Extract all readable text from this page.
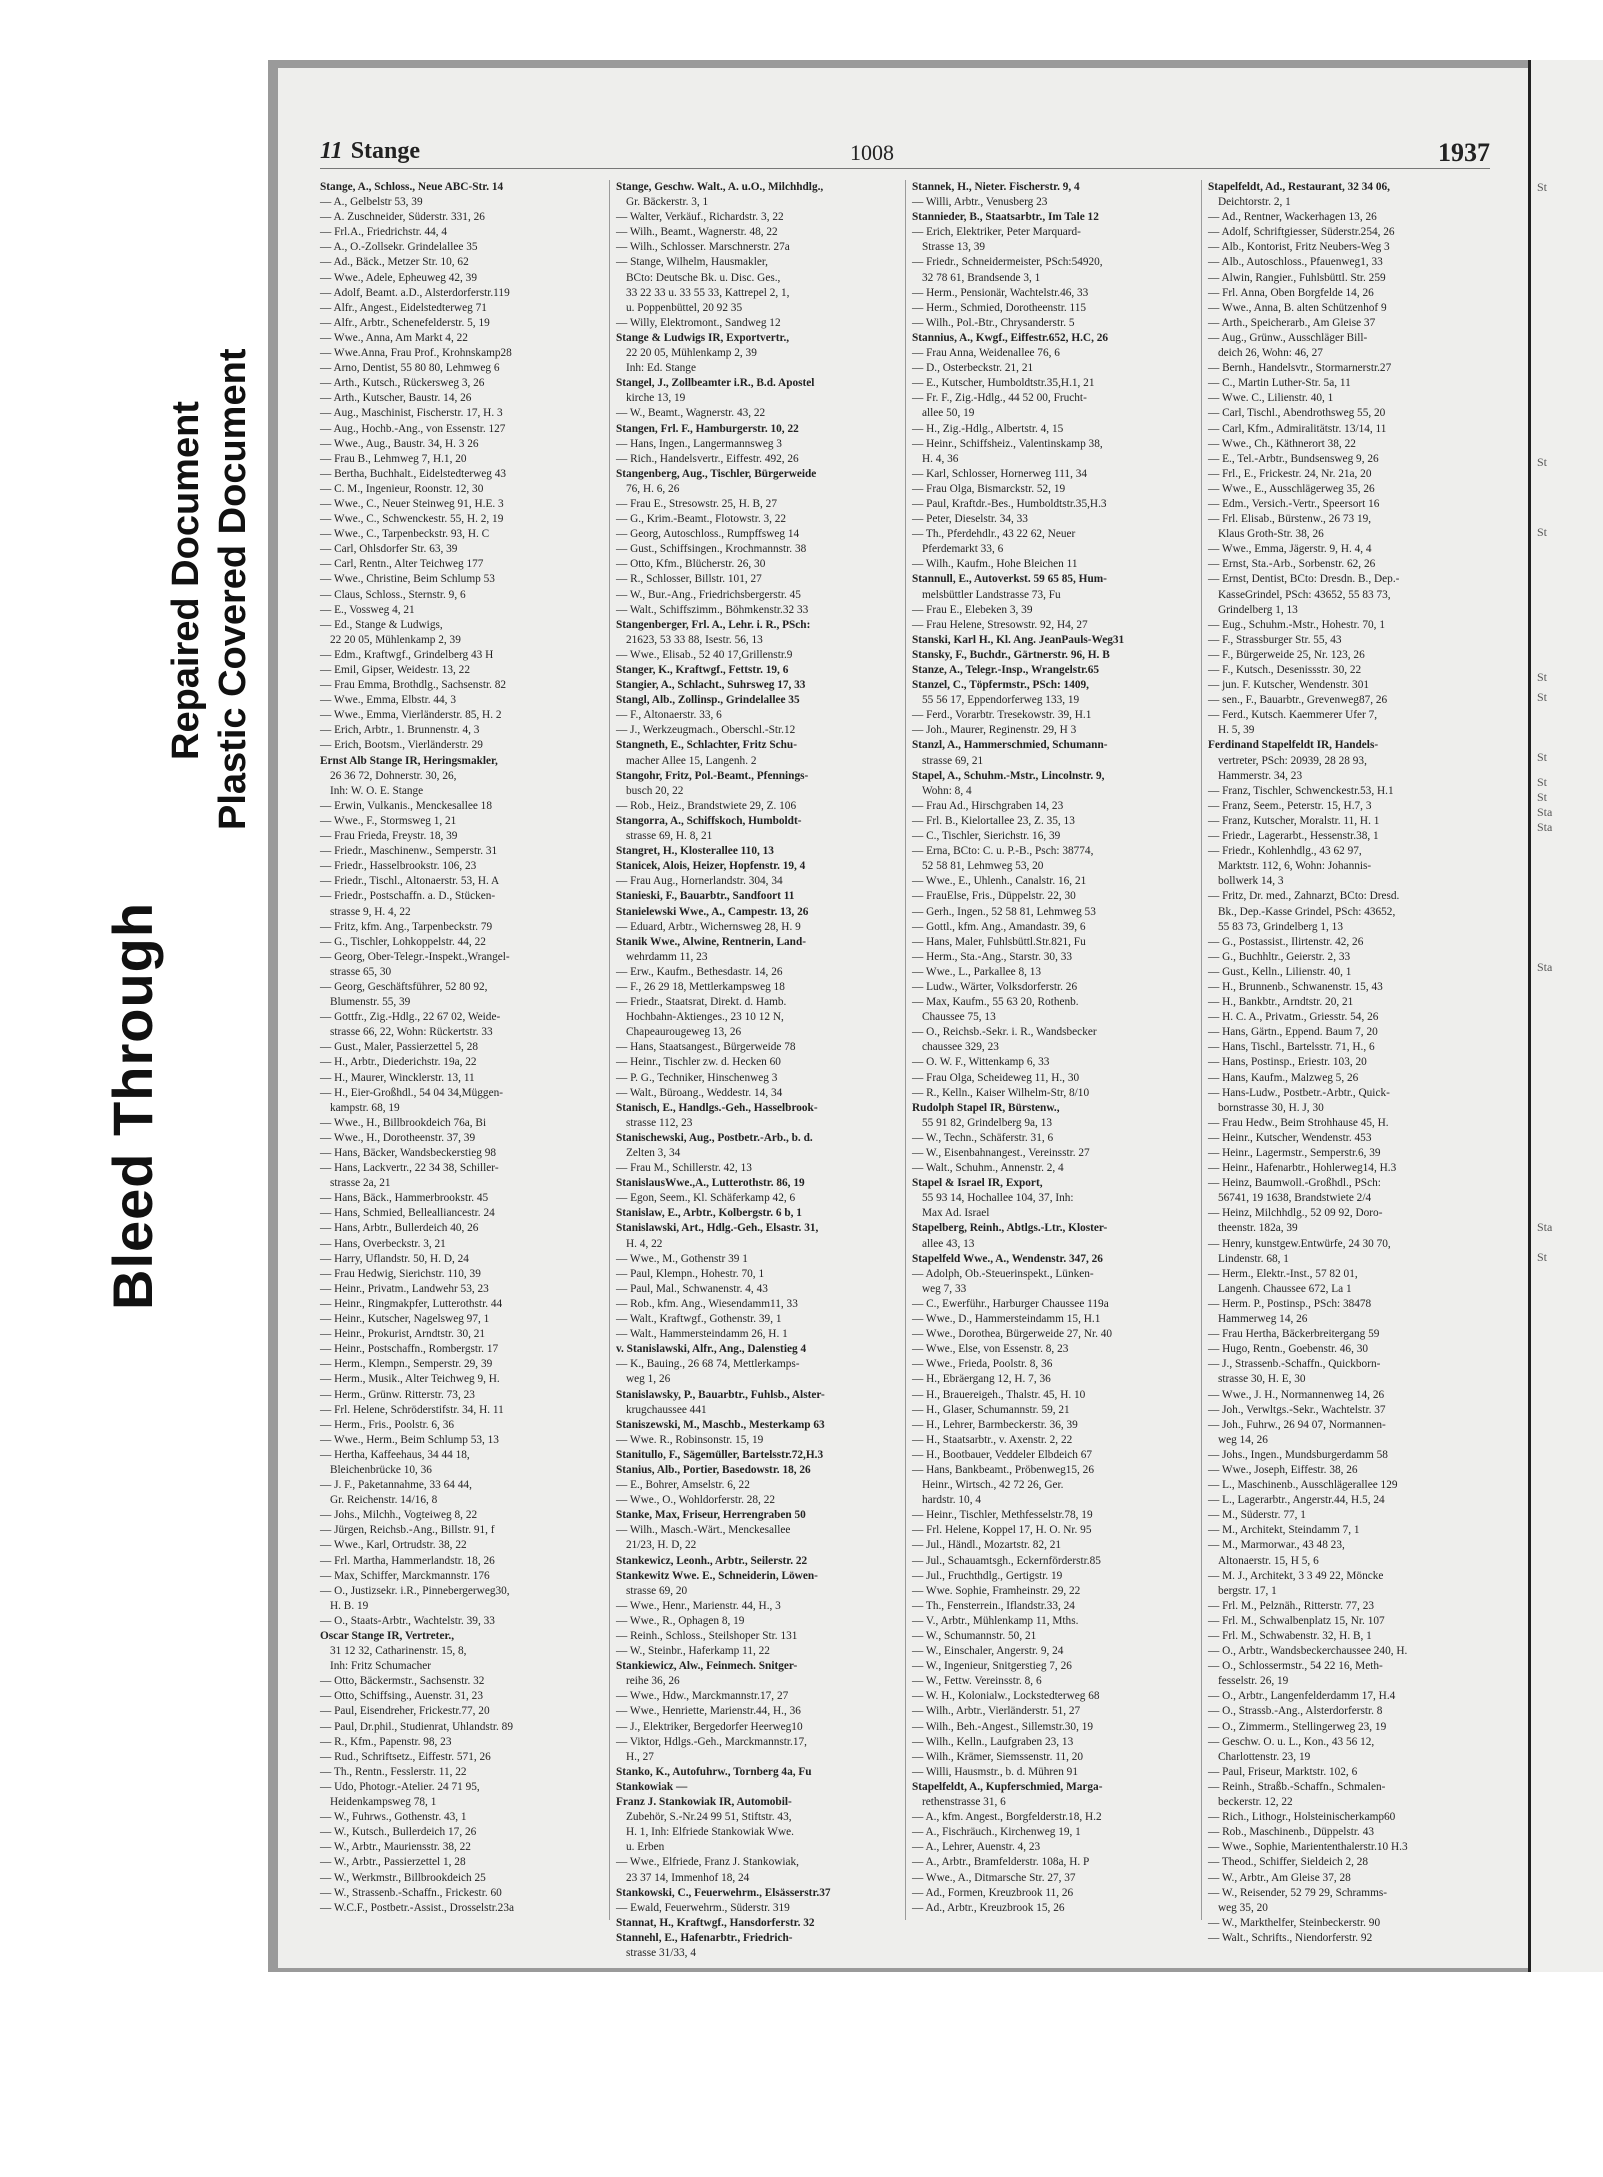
Bleed Through
Repaired Document Plastic Covered Document
11 Stange	1008	1937
Stange, A., Schloss., Neue ABC-Str. 14
— A., Gelbelstr 53, 39
— A. Zuschneider, Süderstr. 331, 26
— Frl.A., Friedrichstr. 44, 4
— A., O.-Zollsekr. Grindelallee 35
— Ad., Bäck., Metzer Str. 10, 62
— Wwe., Adele, Epheuweg 42, 39
— Adolf, Beamt. a.D., Alsterdorferstr.119
— Alfr., Angest., Eidelstedterweg 71
— Alfr., Arbtr., Schenefelderstr. 5, 19
— Wwe., Anna, Am Markt 4, 22
— Wwe.Anna, Frau Prof., Krohnskamp28
— Arno, Dentist, 55 80 80, Lehmweg 6
— Arth., Kutsch., Rückersweg 3, 26
— Arth., Kutscher, Baustr. 14, 26
— Aug., Maschinist, Fischerstr. 17, H. 3
— Aug., Hochb.-Ang., von Essenstr. 127
— Wwe., Aug., Baustr. 34, H. 3 26
— Frau B., Lehmweg 7, H.1, 20
— Bertha, Buchhalt., Eidelstedterweg 43
— C. M., Ingenieur, Roonstr. 12, 30
— Wwe., C., Neuer Steinweg 91, H.E. 3
— Wwe., C., Schwenckestr. 55, H. 2, 19
— Wwe., C., Tarpenbeckstr. 93, H. C
— Carl, Ohlsdorfer Str. 63, 39
— Carl, Rentn., Alter Teichweg 177
— Wwe., Christine, Beim Schlump 53
— Claus, Schloss., Sternstr. 9, 6
— E., Vossweg 4, 21
— Ed., Stange & Ludwigs,
22 20 05, Mühlenkamp 2, 39
— Edm., Kraftwgf., Grindelberg 43 H
— Emil, Gipser, Weidestr. 13, 22
— Frau Emma, Brothdlg., Sachsenstr. 82
— Wwe., Emma, Elbstr. 44, 3
— Wwe., Emma, Vierländerstr. 85, H. 2
— Erich, Arbtr., 1. Brunnenstr. 4, 3
— Erich, Bootsm., Vierländerstr. 29
Ernst Alb Stange IR, Heringsmakler,
26 36 72, Dohnerstr. 30, 26,
Inh: W. O. E. Stange
— Erwin, Vulkanis., Menckesallee 18
— Wwe., F., Stormsweg 1, 21
— Frau Frieda, Freystr. 18, 39
— Friedr., Maschinenw., Semperstr. 31
— Friedr., Hasselbrookstr. 106, 23
— Friedr., Tischl., Altonaerstr. 53, H. A
— Friedr., Postschaffn. a. D., Stücken-
strasse 9, H. 4, 22
— Fritz, kfm. Ang., Tarpenbeckstr. 79
— G., Tischler, Lohkoppelstr. 44, 22
— Georg, Ober-Telegr.-Inspekt.,Wrangel-
strasse 65, 30
— Georg, Geschäftsführer, 52 80 92,
Blumenstr. 55, 39
— Gottfr., Zig.-Hdlg., 22 67 02, Weide-
strasse 66, 22, Wohn: Rückertstr. 33
— Gust., Maler, Passierzettel 5, 28
— H., Arbtr., Diederichstr. 19a, 22
— H., Maurer, Wincklerstr. 13, 11
— H., Eier-Großhdl., 54 04 34,Müggen-
kampstr. 68, 19
— Wwe., H., Billbrookdeich 76a, Bi
— Wwe., H., Dorotheenstr. 37, 39
— Hans, Bäcker, Wandsbeckerstieg 98
— Hans, Lackvertr., 22 34 38, Schiller-
strasse 2a, 21
— Hans, Bäck., Hammerbrookstr. 45
— Hans, Schmied, Bellealliancestr. 24
— Hans, Arbtr., Bullerdeich 40, 26
— Hans, Overbeckstr. 3, 21
— Harry, Uflandstr. 50, H. D, 24
— Frau Hedwig, Sierichstr. 110, 39
— Heinr., Privatm., Landwehr 53, 23
— Heinr., Ringmakpfer, Lutterothstr. 44
— Heinr., Kutscher, Nagelsweg 97, 1
— Heinr., Prokurist, Arndtstr. 30, 21
— Heinr., Postschaffn., Rombergstr. 17
— Herm., Klempn., Semperstr. 29, 39
— Herm., Musik., Alter Teichweg 9, H.
— Herm., Grünw. Ritterstr. 73, 23
— Frl. Helene, Schröderstifstr. 34, H. 11
— Herm., Fris., Poolstr. 6, 36
— Wwe., Herm., Beim Schlump 53, 13
— Hertha, Kaffeehaus, 34 44 18,
Bleichenbrücke 10, 36
— J. F., Paketannahme, 33 64 44,
Gr. Reichenstr. 14/16, 8
— Johs., Milchh., Vogteiweg 8, 22
— Jürgen, Reichsb.-Ang., Billstr. 91, f
— Wwe., Karl, Ortrudstr. 38, 22
— Frl. Martha, Hammerlandstr. 18, 26
— Max, Schiffer, Marckmannstr. 176
— O., Justizsekr. i.R., Pinnebergerweg30,
H. B. 19
— O., Staats-Arbtr., Wachtelstr. 39, 33
Oscar Stange IR, Vertreter.,
31 12 32, Catharinenstr. 15, 8,
Inh: Fritz Schumacher
— Otto, Bäckermstr., Sachsenstr. 32
— Otto, Schiffsing., Auenstr. 31, 23
— Paul, Eisendreher, Frickestr.77, 20
— Paul, Dr.phil., Studienrat, Uhlandstr. 89
— R., Kfm., Papenstr. 98, 23
— Rud., Schriftsetz., Eiffestr. 571, 26
— Th., Rentn., Fesslerstr. 11, 22
— Udo, Photogr.-Atelier. 24 71 95,
Heidenkampsweg 78, 1
— W., Fuhrws., Gothenstr. 43, 1
— W., Kutsch., Bullerdeich 17, 26
— W., Arbtr., Mauriensstr. 38, 22
— W., Arbtr., Passierzettel 1, 28
— W., Werkmstr., Billbrookdeich 25
— W., Strassenb.-Schaffn., Frickestr. 60
— W.C.F., Postbetr.-Assist., Drosselstr.23a
Stange, Geschw. Walt., A. u.O., Milchhdlg.,
Gr. Bäckerstr. 3, 1
— Walter, Verkäuf., Richardstr. 3, 22
— Wilh., Beamt., Wagnerstr. 48, 22
— Wilh., Schlosser. Marschnerstr. 27a
— Stange, Wilhelm, Hausmakler,
BCto: Deutsche Bk. u. Disc. Ges.,
33 22 33 u. 33 55 33, Kattrepel 2, 1,
u. Poppenbüttel, 20 92 35
— Willy, Elektromont., Sandweg 12
Stange & Ludwigs IR, Exportvertr.,
22 20 05, Mühlenkamp 2, 39
Inh: Ed. Stange
Stangel, J., Zollbeamter i.R., B.d. Apostel
kirche 13, 19
— W., Beamt., Wagnerstr. 43, 22
Stangen, Frl. F., Hamburgerstr. 10, 22
— Hans, Ingen., Langermannsweg 3
— Rich., Handelsvertr., Eiffestr. 492, 26
Stangenberg, Aug., Tischler, Bürgerweide
76, H. 6, 26
— Frau E., Stresowstr. 25, H. B, 27
— G., Krim.-Beamt., Flotowstr. 3, 22
— Georg, Autoschloss., Rumpffsweg 14
— Gust., Schiffsingen., Krochmannstr. 38
— Otto, Kfm., Blücherstr. 26, 30
— R., Schlosser, Billstr. 101, 27
— W., Bur.-Ang., Friedrichsbergerstr. 45
— Walt., Schiffszimm., Böhmkenstr.32 33
Stangenberger, Frl. A., Lehr. i. R., PSch:
21623, 53 33 88, Isestr. 56, 13
— Wwe., Elisab., 52 40 17,Grillenstr.9
Stanger, K., Kraftwgf., Fettstr. 19, 6
Stangier, A., Schlacht., Suhrsweg 17, 33
Stangl, Alb., Zollinsp., Grindelallee 35
— F., Altonaerstr. 33, 6
— J., Werkzeugmach., Oberschl.-Str.12
Stangneth, E., Schlachter, Fritz Schu-
macher Allee 15, Langenh. 2
Stangohr, Fritz, Pol.-Beamt., Pfennings-
busch 20, 22
— Rob., Heiz., Brandstwiete 29, Z. 106
Stangorra, A., Schiffskoch, Humboldt-
strasse 69, H. 8, 21
Stangret, H., Klosterallee 110, 13
Stanicek, Alois, Heizer, Hopfenstr. 19, 4
— Frau Aug., Hornerlandstr. 304, 34
Stanieski, F., Bauarbtr., Sandfoort 11
Stanielewski Wwe., A., Campestr. 13, 26
— Eduard, Arbtr., Wichernsweg 28, H. 9
Stanik Wwe., Alwine, Rentnerin, Land-
wehrdamm 11, 23
— Erw., Kaufm., Bethesdastr. 14, 26
— F., 26 29 18, Mettlerkampsweg 18
— Friedr., Staatsrat, Direkt. d. Hamb.
Hochbahn-Aktienges., 23 10 12 N,
Chapeaurougeweg 13, 26
— Hans, Staatsangest., Bürgerweide 78
— Heinr., Tischler zw. d. Hecken 60
— P. G., Techniker, Hinschenweg 3
— Walt., Büroang., Weddestr. 14, 34
Stanisch, E., Handlgs.-Geh., Hasselbrook-
strasse 112, 23
Stanischewski, Aug., Postbetr.-Arb., b. d.
Zelten 3, 34
— Frau M., Schillerstr. 42, 13
StanislausWwe.,A., Lutterothstr. 86, 19
— Egon, Seem., Kl. Schäferkamp 42, 6
Stanislaw, E., Arbtr., Kolbergstr. 6 b, 1
Stanislawski, Art., Hdlg.-Geh., Elsastr. 31,
H. 4, 22
— Wwe., M., Gothenstr 39 1
— Paul, Klempn., Hohestr. 70, 1
— Paul, Mal., Schwanenstr. 4, 43
— Rob., kfm. Ang., Wiesendamm11, 33
— Walt., Kraftwgf., Gothenstr. 39, 1
— Walt., Hammersteindamm 26, H. 1
v. Stanislawski, Alfr., Ang., Dalenstieg 4
— K., Bauing., 26 68 74, Mettlerkamps-
weg 1, 26
Stanislawsky, P., Bauarbtr., Fuhlsb., Alster-
krugchaussee 441
Staniszewski, M., Maschb., Mesterkamp 63
— Wwe. R., Robinsonstr. 15, 19
Stanitullo, F., Sägemüller, Bartelsstr.72,H.3
Stanius, Alb., Portier, Basedowstr. 18, 26
— E., Bohrer, Amselstr. 6, 22
— Wwe., O., Wohldorferstr. 28, 22
Stanke, Max, Friseur, Herrengraben 50
— Wilh., Masch.-Wärt., Menckesallee
21/23, H. D, 22
Stankewicz, Leonh., Arbtr., Seilerstr. 22
Stankewitz Wwe. E., Schneiderin, Löwen-
strasse 69, 20
— Wwe., Henr., Marienstr. 44, H., 3
— Wwe., R., Ophagen 8, 19
— Reinh., Schloss., Steilshoper Str. 131
— W., Steinbr., Haferkamp 11, 22
Stankiewicz, Alw., Feinmech. Snitger-
reihe 36, 26
— Wwe., Hdw., Marckmannstr.17, 27
— Wwe., Henriette, Marienstr.44, H., 36
— J., Elektriker, Bergedorfer Heerweg10
— Viktor, Hdlgs.-Geh., Marckmannstr.17,
H., 27
Stanko, K., Autofuhrw., Tornberg 4a, Fu
Stankowiak —
Franz J. Stankowiak IR, Automobil-
Zubehör, S.-Nr.24 99 51, Stiftstr. 43,
H. 1, Inh: Elfriede Stankowiak Wwe.
u. Erben
— Wwe., Elfriede, Franz J. Stankowiak,
23 37 14, Immenhof 18, 24
Stankowski, C., Feuerwehrm., Elsässerstr.37
— Ewald, Feuerwehrm., Süderstr. 319
Stannat, H., Kraftwgf., Hansdorferstr. 32
Stannehl, E., Hafenarbtr., Friedrich-
strasse 31/33, 4
Stannek, H., Nieter. Fischerstr. 9, 4
— Willi, Arbtr., Venusberg 23
Stannieder, B., Staatsarbtr., Im Tale 12
— Erich, Elektriker, Peter Marquard-
Strasse 13, 39
— Friedr., Schneidermeister, PSch:54920,
32 78 61, Brandsende 3, 1
— Herm., Pensionär, Wachtelstr.46, 33
— Herm., Schmied, Dorotheenstr. 115
— Wilh., Pol.-Btr., Chrysanderstr. 5
Stannius, A., Kwgf., Eiffestr.652, H.C, 26
— Frau Anna, Weidenallee 76, 6
— D., Osterbeckstr. 21, 21
— E., Kutscher, Humboldtstr.35,H.1, 21
— Fr. F., Zig.-Hdlg., 44 52 00, Frucht-
allee 50, 19
— H., Zig.-Hdlg., Albertstr. 4, 15
— Heinr., Schiffsheiz., Valentinskamp 38,
H. 4, 36
— Karl, Schlosser, Hornerweg 111, 34
— Frau Olga, Bismarckstr. 52, 19
— Paul, Kraftdr.-Bes., Humboldtstr.35,H.3
— Peter, Dieselstr. 34, 33
— Th., Pferdehdlr., 43 22 62, Neuer
Pferdemarkt 33, 6
— Wilh., Kaufm., Hohe Bleichen 11
Stannull, E., Autoverkst. 59 65 85, Hum-
melsbüttler Landstrasse 73, Fu
— Frau E., Elebeken 3, 39
— Frau Helene, Stresowstr. 92, H4, 27
Stanski, Karl H., Kl. Ang. JeanPauls-Weg31
Stansky, F., Buchdr., Gärtnerstr. 96, H. B
Stanze, A., Telegr.-Insp., Wrangelstr.65
Stanzel, C., Töpfermstr., PSch: 1409,
55 56 17, Eppendorferweg 133, 19
— Ferd., Vorarbtr. Tresekowstr. 39, H.1
— Joh., Maurer, Reginenstr. 29, H 3
Stanzl, A., Hammerschmied, Schumann-
strasse 69, 21
Stapel, A., Schuhm.-Mstr., Lincolnstr. 9,
Wohn: 8, 4
— Frau Ad., Hirschgraben 14, 23
— Frl. B., Kielortallee 23, Z. 35, 13
— C., Tischler, Sierichstr. 16, 39
— Erna, BCto: C. u. P.-B., Psch: 38774,
52 58 81, Lehmweg 53, 20
— Wwe., E., Uhlenh., Canalstr. 16, 21
— FrauElse, Fris., Düppelstr. 22, 30
— Gerh., Ingen., 52 58 81, Lehmweg 53
— Gottl., kfm. Ang., Amandastr. 39, 6
— Hans, Maler, Fuhlsbüttl.Str.821, Fu
— Herm., Sta.-Ang., Starstr. 30, 33
— Wwe., L., Parkallee 8, 13
— Ludw., Wärter, Volksdorferstr. 26
— Max, Kaufm., 55 63 20, Rothenb.
Chaussee 75, 13
— O., Reichsb.-Sekr. i. R., Wandsbecker
chaussee 329, 23
— O. W. F., Wittenkamp 6, 33
— Frau Olga, Scheideweg 11, H., 30
— R., Kelln., Kaiser Wilhelm-Str, 8/10
Rudolph Stapel IR, Bürstenw.,
55 91 82, Grindelberg 9a, 13
— W., Techn., Schäferstr. 31, 6
— W., Eisenbahnangest., Vereinsstr. 27
— Walt., Schuhm., Annenstr. 2, 4
Stapel & Israel IR, Export,
55 93 14, Hochallee 104, 37, Inh:
Max Ad. Israel
Stapelberg, Reinh., Abtlgs.-Ltr., Kloster-
allee 43, 13
Stapelfeld Wwe., A., Wendenstr. 347, 26
— Adolph, Ob.-Steuerinspekt., Lünken-
weg 7, 33
— C., Ewerführ., Harburger Chaussee 119a
— Wwe., D., Hammersteindamm 15, H.1
— Wwe., Dorothea, Bürgerweide 27, Nr. 40
— Wwe., Else, von Essenstr. 8, 23
— Wwe., Frieda, Poolstr. 8, 36
— H., Ebräergang 12, H. 7, 36
— H., Brauereigeh., Thalstr. 45, H. 10
— H., Glaser, Schumannstr. 59, 21
— H., Lehrer, Barmbeckerstr. 36, 39
— H., Staatsarbtr., v. Axenstr. 2, 22
— H., Bootbauer, Veddeler Elbdeich 67
— Hans, Bankbeamt., Pröbenweg15, 26
Heinr., Wirtsch., 42 72 26, Ger.
hardstr. 10, 4
— Heinr., Tischler, Methfesselstr.78, 19
— Frl. Helene, Koppel 17, H. O. Nr. 95
— Jul., Händl., Mozartstr. 82, 21
— Jul., Schauamtsgh., Eckernförderstr.85
— Jul., Fruchthdlg., Gertigstr. 19
— Wwe. Sophie, Framheinstr. 29, 22
— Th., Fensterrein., Iflandstr.33, 24
— V., Arbtr., Mühlenkamp 11, Mths.
— W., Schumannstr. 50, 21
— W., Einschaler, Angerstr. 9, 24
— W., Ingenieur, Snitgerstieg 7, 26
— W., Fettw. Vereinsstr. 8, 6
— W. H., Kolonialw., Lockstedterweg 68
— Wilh., Arbtr., Vierländerstr. 51, 27
— Wilh., Beh.-Angest., Sillemstr.30, 19
— Wilh., Kelln., Laufgraben 23, 13
— Wilh., Krämer, Siemssenstr. 11, 20
— Willi, Hausmstr., b. d. Mühren 91
Stapelfeldt, A., Kupferschmied, Marga-
rethenstrasse 31, 6
— A., kfm. Angest., Borgfelderstr.18, H.2
— A., Fischräuch., Kirchenweg 19, 1
— A., Lehrer, Auenstr. 4, 23
— A., Arbtr., Bramfelderstr. 108a, H. P
— Wwe., A., Ditmarsche Str. 27, 37
— Ad., Formen, Kreuzbrook 11, 26
— Ad., Arbtr., Kreuzbrook 15, 26
Stapelfeldt, Ad., Restaurant, 32 34 06,
Deichtorstr. 2, 1
— Ad., Rentner, Wackerhagen 13, 26
— Adolf, Schriftgiesser, Süderstr.254, 26
— Alb., Kontorist, Fritz Neubers-Weg 3
— Alb., Autoschloss., Pfauenweg1, 33
— Alwin, Rangier., Fuhlsbüttl. Str. 259
— Frl. Anna, Oben Borgfelde 14, 26
— Wwe., Anna, B. alten Schützenhof 9
— Arth., Speicherarb., Am Gleise 37
— Aug., Grünw., Ausschläger Bill-
deich 26, Wohn: 46, 27
— Bernh., Handelsvtr., Stormarnerstr.27
— C., Martin Luther-Str. 5a, 11
— Wwe. C., Lilienstr. 40, 1
— Carl, Tischl., Abendrothsweg 55, 20
— Carl, Kfm., Admiralitätstr. 13/14, 11
— Wwe., Ch., Käthnerort 38, 22
— E., Tel.-Arbtr., Bundsensweg 9, 26
— Frl., E., Frickestr. 24, Nr. 21a, 20
— Wwe., E., Ausschlägerweg 35, 26
— Edm., Versich.-Vertr., Speersort 16
— Frl. Elisab., Bürstenw., 26 73 19,
Klaus Groth-Str. 38, 26
— Wwe., Emma, Jägerstr. 9, H. 4, 4
— Ernst, Sta.-Arb., Sorbenstr. 62, 26
— Ernst, Dentist, BCto: Dresdn. B., Dep.-
KasseGrindel, PSch: 43652, 55 83 73,
Grindelberg 1, 13
— Eug., Schuhm.-Mstr., Hohestr. 70, 1
— F., Strassburger Str. 55, 43
— F., Bürgerweide 25, Nr. 123, 26
— F., Kutsch., Desenissstr. 30, 22
— jun. F. Kutscher, Wendenstr. 301
— sen., F., Bauarbtr., Grevenweg87, 26
— Ferd., Kutsch. Kaemmerer Ufer 7,
H. 5, 39
Ferdinand Stapelfeldt IR, Handels-
vertreter, PSch: 20939, 28 28 93,
Hammerstr. 34, 23
— Franz, Tischler, Schwenckestr.53, H.1
— Franz, Seem., Peterstr. 15, H.7, 3
— Franz, Kutscher, Moralstr. 11, H. 1
— Friedr., Lagerarbt., Hessenstr.38, 1
— Friedr., Kohlenhdlg., 43 62 97,
Marktstr. 112, 6, Wohn: Johannis-
bollwerk 14, 3
— Fritz, Dr. med., Zahnarzt, BCto: Dresd.
Bk., Dep.-Kasse Grindel, PSch: 43652,
55 83 73, Grindelberg 1, 13
— G., Postassist., Ilirtenstr. 42, 26
— G., Buchhltr., Geierstr. 2, 33
— Gust., Kelln., Lilienstr. 40, 1
— H., Brunnenb., Schwanenstr. 15, 43
— H., Bankbtr., Arndtstr. 20, 21
— H. C. A., Privatm., Griesstr. 54, 26
— Hans, Gärtn., Eppend. Baum 7, 20
— Hans, Tischl., Bartelsstr. 71, H., 6
— Hans, Postinsp., Eriestr. 103, 20
— Hans, Kaufm., Malzweg 5, 26
— Hans-Ludw., Postbetr.-Arbtr., Quick-
bornstrasse 30, H. J, 30
— Frau Hedw., Beim Strohhause 45, H.
— Heinr., Kutscher, Wendenstr. 453
— Heinr., Lagermstr., Semperstr.6, 39
— Heinr., Hafenarbtr., Hohlerweg14, H.3
— Heinz, Baumwoll.-Großhdl., PSch:
56741, 19 1638, Brandstwiete 2/4
— Heinz, Milchhdlg., 52 09 92, Doro-
theenstr. 182a, 39
— Henry, kunstgew.Entwürfe, 24 30 70,
Lindenstr. 68, 1
— Herm., Elektr.-Inst., 57 82 01,
Langenh. Chaussee 672, La 1
— Herm. P., Postinsp., PSch: 38478
Hammerweg 14, 26
— Frau Hertha, Bäckerbreitergang 59
— Hugo, Rentn., Goebenstr. 46, 30
— J., Strassenb.-Schaffn., Quickborn-
strasse 30, H. E, 30
— Wwe., J. H., Normannenweg 14, 26
— Joh., Verwltgs.-Sekr., Wachtelstr. 37
— Joh., Fuhrw., 26 94 07, Normannen-
weg 14, 26
— Johs., Ingen., Mundsburgerdamm 58
— Wwe., Joseph, Eiffestr. 38, 26
— L., Maschinenb., Ausschlägerallee 129
— L., Lagerarbtr., Angerstr.44, H.5, 24
— M., Süderstr. 77, 1
— M., Architekt, Steindamm 7, 1
— M., Marmorwar., 43 48 23,
Altonaerstr. 15, H 5, 6
— M. J., Architekt, 3 3 49 22, Möncke
bergstr. 17, 1
— Frl. M., Pelznäh., Ritterstr. 77, 23
— Frl. M., Schwalbenplatz 15, Nr. 107
— Frl. M., Schwabenstr. 32, H. B, 1
— O., Arbtr., Wandsbeckerchaussee 240, H.
— O., Schlossermstr., 54 22 16, Meth-
fesselstr. 26, 19
— O., Arbtr., Langenfelderdamm 17, H.4
— O., Strassb.-Ang., Alsterdorferstr. 8
— O., Zimmerm., Stellingerweg 23, 19
— Geschw. O. u. L., Kon., 43 56 12,
Charlottenstr. 23, 19
— Paul, Friseur, Marktstr. 102, 6
— Reinh., Straßb.-Schaffn., Schmalen-
beckerstr. 12, 22
— Rich., Lithogr., Holsteinischerkamp60
— Rob., Maschinenb., Düppelstr. 43
— Wwe., Sophie, Mariententhalerstr.10 H.3
— Theod., Schiffer, Sieldeich 2, 28
— W., Arbtr., Am Gleise 37, 28
— W., Reisender, 52 79 29, Schramms-
weg 35, 20
— W., Markthelfer, Steinbeckerstr. 90
— Walt., Schrifts., Niendorferstr. 92
St
St
St
St
St
St
St
St
Sta
Sta
Sta
Sta
St
